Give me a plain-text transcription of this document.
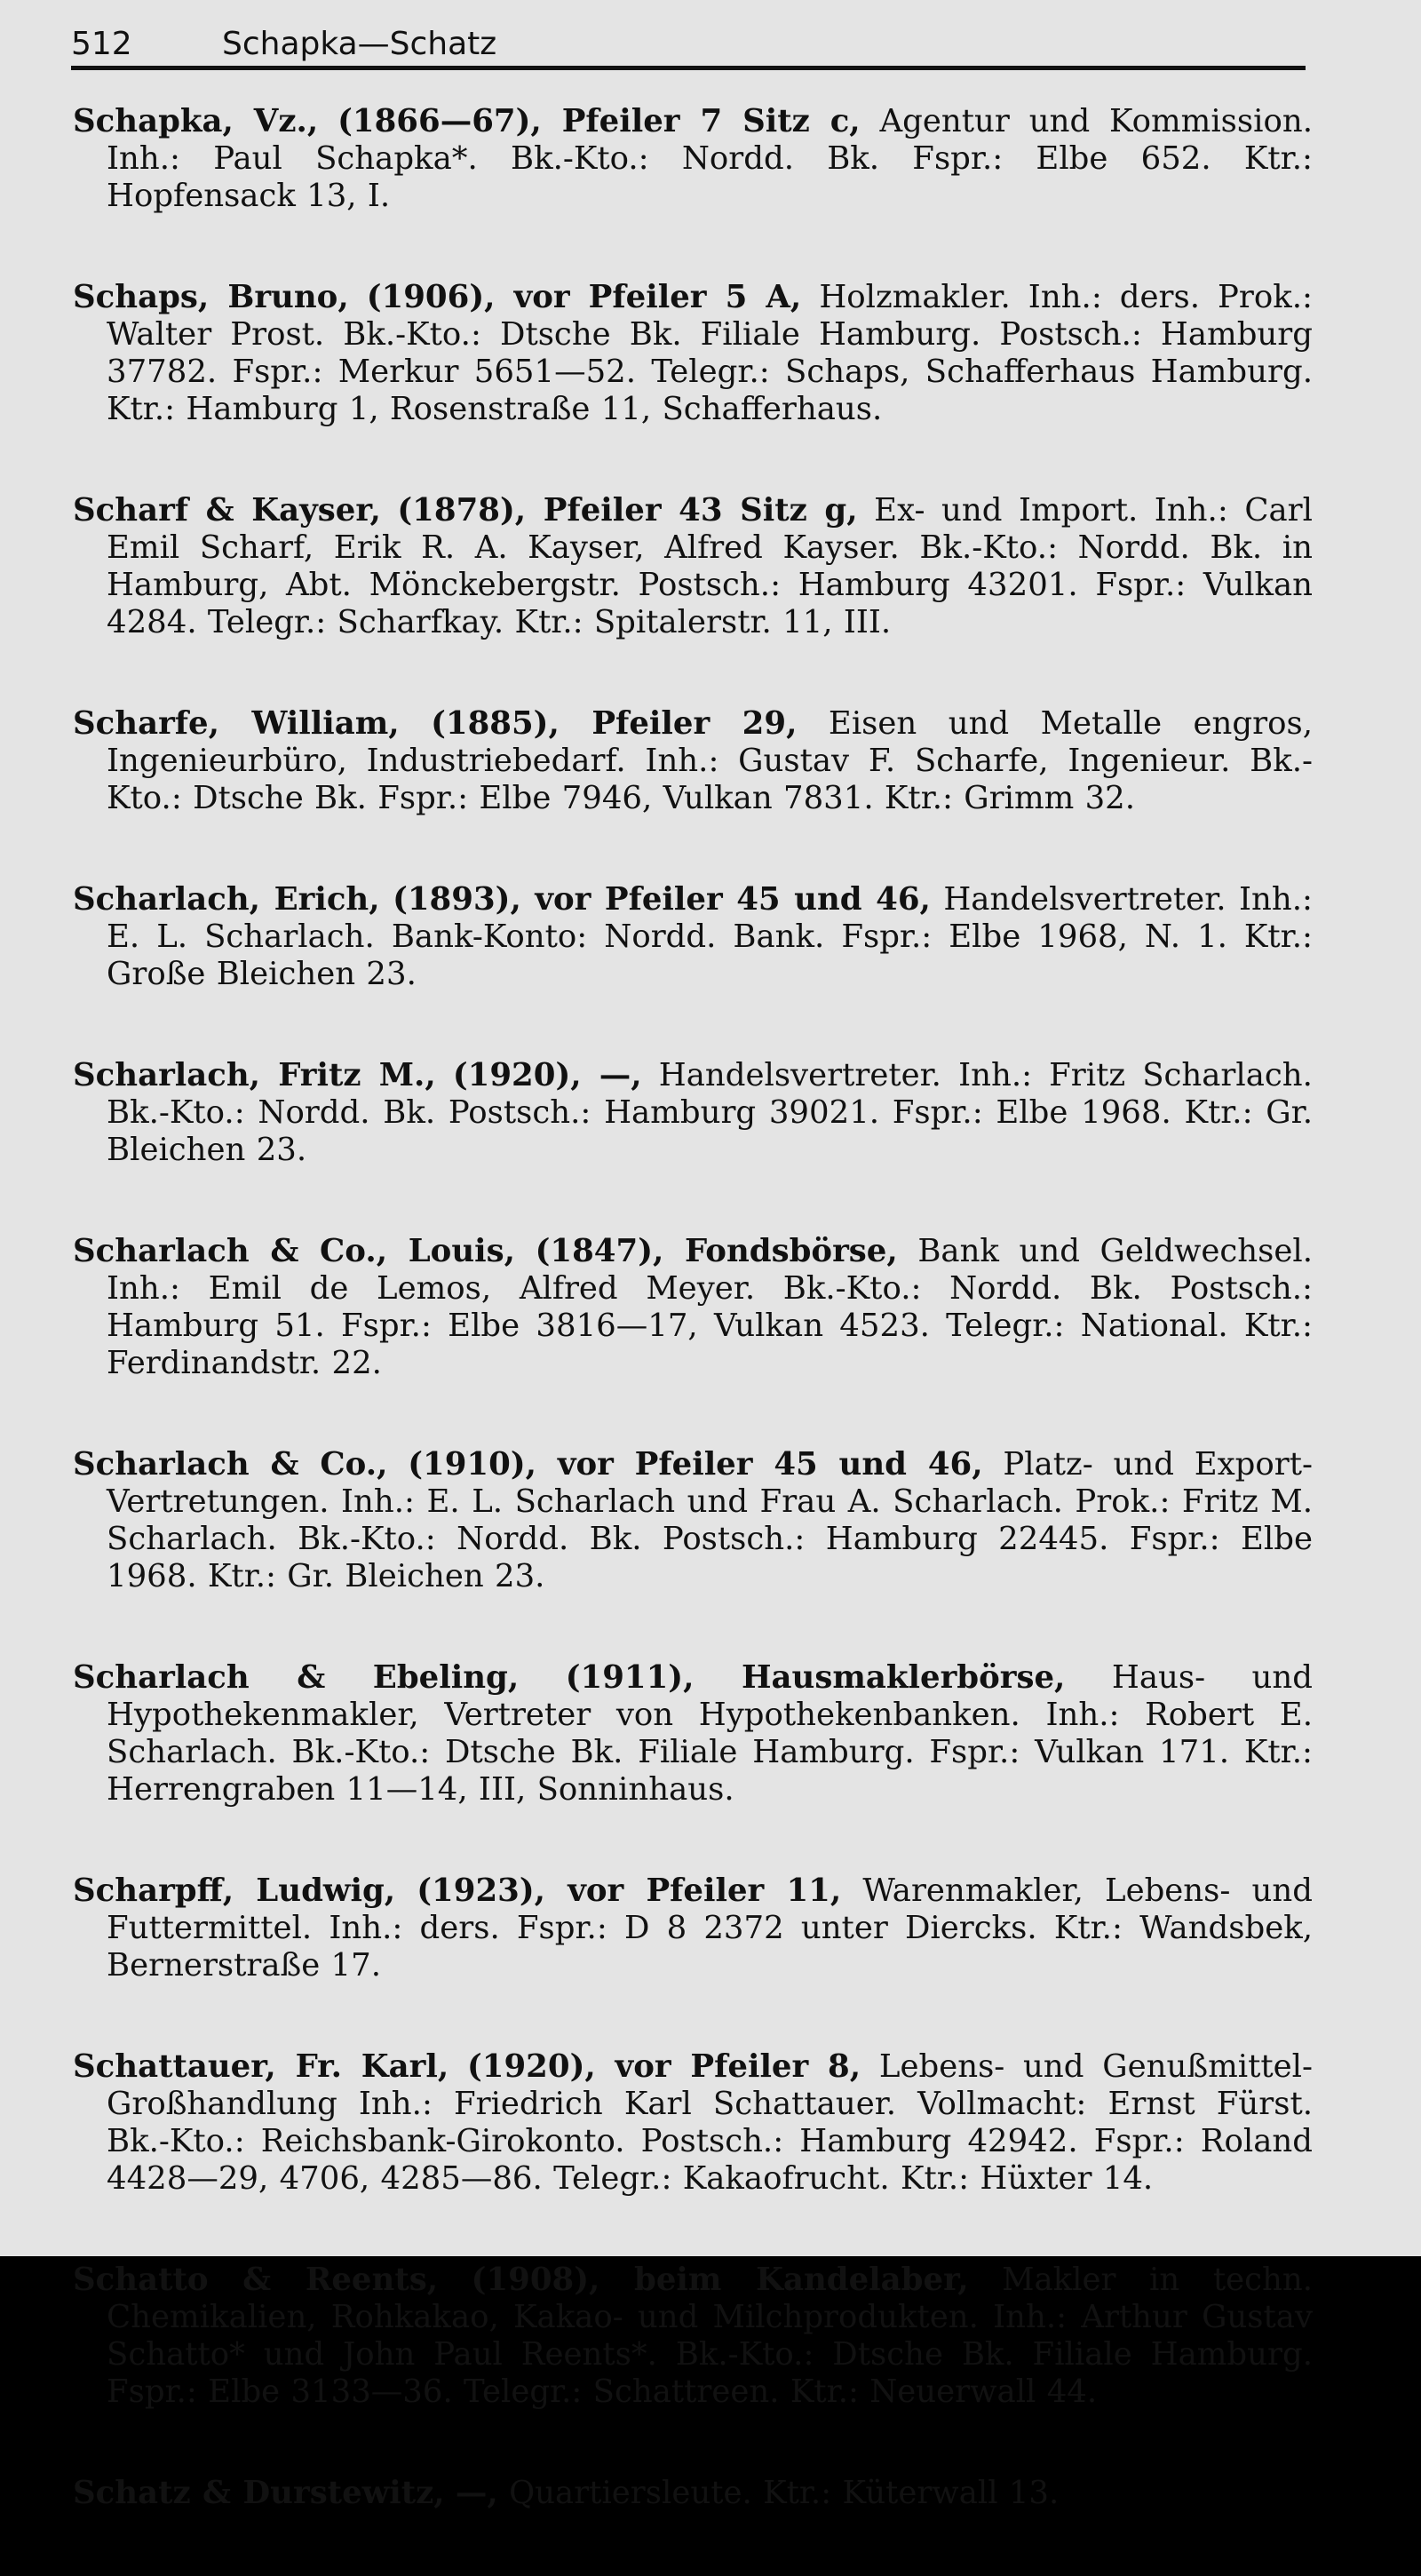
512	Schapka—Schatz

Schapka, Vz., (1866—67), Pfeiler 7 Sitz c, Agentur und Kommission. Inh.: Paul Schapka*. Bk.-Kto.: Nordd. Bk. Fspr.: Elbe 652. Ktr.: Hopfensack 13, I.

Schaps, Bruno, (1906), vor Pfeiler 5 A, Holzmakler. Inh.: ders. Prok.: Walter Prost. Bk.-Kto.: Dtsche Bk. Filiale Hamburg. Postsch.: Hamburg 37782. Fspr.: Merkur 5651—52. Telegr.: Schaps, Schafferhaus Hamburg. Ktr.: Hamburg 1, Rosenstraße 11, Schafferhaus.

Scharf & Kayser, (1878), Pfeiler 43 Sitz g, Ex- und Import. Inh.: Carl Emil Scharf, Erik R. A. Kayser, Alfred Kayser. Bk.-Kto.: Nordd. Bk. in Hamburg, Abt. Mönckebergstr. Postsch.: Hamburg 43201. Fspr.: Vulkan 4284. Telegr.: Scharfkay. Ktr.: Spitalerstr. 11, III.

Scharfe, William, (1885), Pfeiler 29, Eisen und Metalle engros, Ingenieurbüro, Industriebedarf. Inh.: Gustav F. Scharfe, Ingenieur. Bk.-Kto.: Dtsche Bk. Fspr.: Elbe 7946, Vulkan 7831. Ktr.: Grimm 32.

Scharlach, Erich, (1893), vor Pfeiler 45 und 46, Handelsvertreter. Inh.: E. L. Scharlach. Bank-Konto: Nordd. Bank. Fspr.: Elbe 1968, N. 1. Ktr.: Große Bleichen 23.

Scharlach, Fritz M., (1920), —, Handelsvertreter. Inh.: Fritz Scharlach. Bk.-Kto.: Nordd. Bk. Postsch.: Hamburg 39021. Fspr.: Elbe 1968. Ktr.: Gr. Bleichen 23.

Scharlach & Co., Louis, (1847), Fondsbörse, Bank und Geldwechsel. Inh.: Emil de Lemos, Alfred Meyer. Bk.-Kto.: Nordd. Bk. Postsch.: Hamburg 51. Fspr.: Elbe 3816—17, Vulkan 4523. Telegr.: National. Ktr.: Ferdinandstr. 22.

Scharlach & Co., (1910), vor Pfeiler 45 und 46, Platz- und Export-Vertretungen. Inh.: E. L. Scharlach und Frau A. Scharlach. Prok.: Fritz M. Scharlach. Bk.-Kto.: Nordd. Bk. Postsch.: Hamburg 22445. Fspr.: Elbe 1968. Ktr.: Gr. Bleichen 23.

Scharlach & Ebeling, (1911), Hausmaklerbörse, Haus- und Hypothekenmakler, Vertreter von Hypothekenbanken. Inh.: Robert E. Scharlach. Bk.-Kto.: Dtsche Bk. Filiale Hamburg. Fspr.: Vulkan 171. Ktr.: Herrengraben 11—14, III, Sonninhaus.

Scharpff, Ludwig, (1923), vor Pfeiler 11, Warenmakler, Lebens- und Futtermittel. Inh.: ders. Fspr.: D 8 2372 unter Diercks. Ktr.: Wandsbek, Bernerstraße 17.

Schattauer, Fr. Karl, (1920), vor Pfeiler 8, Lebens- und Genußmittel-Großhandlung Inh.: Friedrich Karl Schattauer. Vollmacht: Ernst Fürst. Bk.-Kto.: Reichsbank-Girokonto. Postsch.: Hamburg 42942. Fspr.: Roland 4428—29, 4706, 4285—86. Telegr.: Kakaofrucht. Ktr.: Hüxter 14.

Schatto & Reents, (1908), beim Kandelaber, Makler in techn. Chemikalien, Rohkakao, Kakao- und Milchprodukten. Inh.: Arthur Gustav Schatto* und John Paul Reents*. Bk.-Kto.: Dtsche Bk. Filiale Hamburg. Fspr.: Elbe 3133—36. Telegr.: Schattreen. Ktr.: Neuerwall 44.

Schatz & Durstewitz, —, Quartiersleute. Ktr.: Küterwall 13.
